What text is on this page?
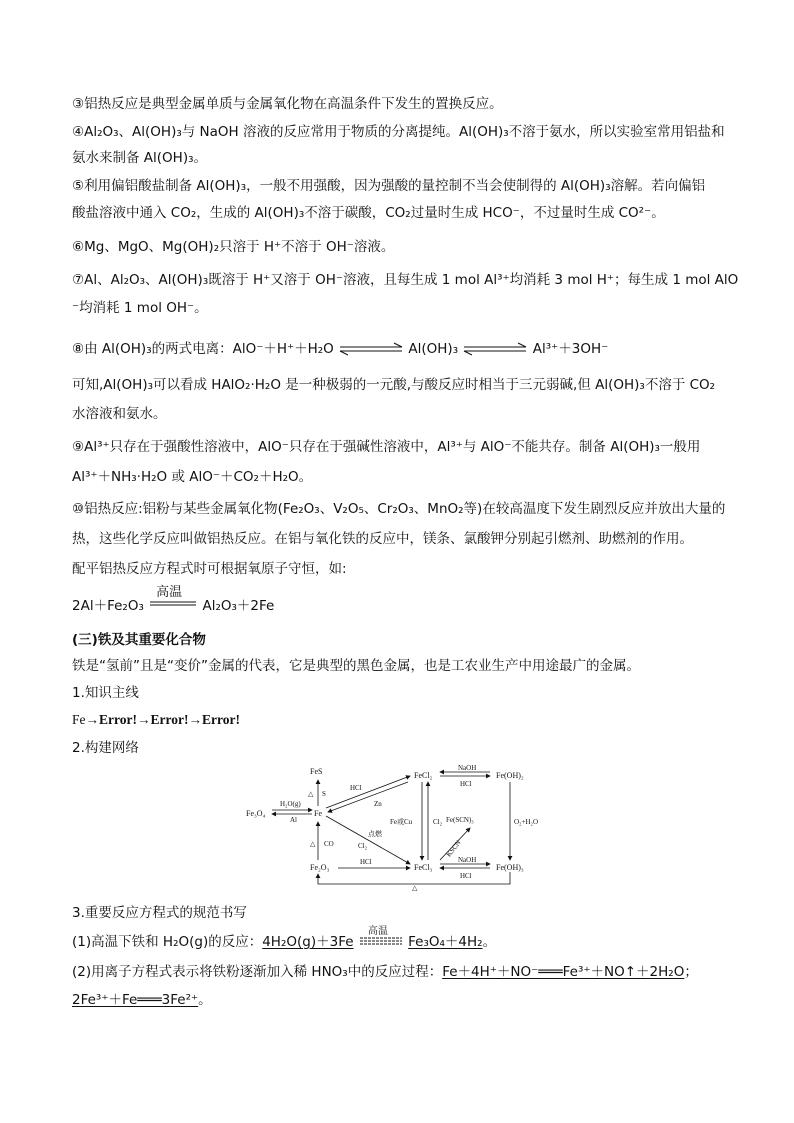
③铝热反应是典型金属单质与金属氧化物在高温条件下发生的置换反应。
④Al₂O₃、Al(OH)₃与 NaOH 溶液的反应常用于物质的分离提纯。Al(OH)₃不溶于氨水，所以实验室常用铝盐和
氨水来制备 Al(OH)₃。
⑤利用偏铝酸盐制备 Al(OH)₃，一般不用强酸，因为强酸的量控制不当会使制得的 Al(OH)₃溶解。若向偏铝
酸盐溶液中通入 CO₂，生成的 Al(OH)₃不溶于碳酸，CO₂过量时生成 HCO⁻，不过量时生成 CO²⁻。
⑥Mg、MgO、Mg(OH)₂只溶于 H⁺不溶于 OH⁻溶液。
⑦Al、Al₂O₃、Al(OH)₃既溶于 H⁺又溶于 OH⁻溶液，且每生成 1 mol Al³⁺均消耗 3 mol H⁺；每生成 1 mol AlO
⁻均消耗 1 mol OH⁻。
⑧由 Al(OH)₃的两式电离：AlO⁻＋H⁺＋H₂O	Al(OH)₃	Al³⁺＋3OH⁻
可知,Al(OH)₃可以看成 HAlO₂·H₂O 是一种极弱的一元酸,与酸反应时相当于三元弱碱,但 Al(OH)₃不溶于 CO₂
水溶液和氨水。
⑨Al³⁺只存在于强酸性溶液中，AlO⁻只存在于强碱性溶液中，Al³⁺与 AlO⁻不能共存。制备 Al(OH)₃一般用
Al³⁺＋NH₃·H₂O 或 AlO⁻＋CO₂＋H₂O。
⑩铝热反应:铝粉与某些金属氧化物(Fe₂O₃、V₂O₅、Cr₂O₃、MnO₂等)在较高温度下发生剧烈反应并放出大量的
热，这些化学反应叫做铝热反应。在铝与氧化铁的反应中，镁条、氯酸钾分别起引燃剂、助燃剂的作用。
配平铝热反应方程式时可根据氧原子守恒，如:
2Al＋Fe₂O₃
高温
Al₂O₃＋2Fe
(三)铁及其重要化合物
铁是“氢前”且是“变价”金属的代表，它是典型的黑色金属，也是工农业生产中用途最广的金属。
1.知识主线
Fe→Error!→Error!→Error!
2.构建网络
FeS
Fe₃O₄	Fe
Fe₂O₃
FeCl₂
FeCl₃
Fe(OH)₂
Fe(OH)₃
H₂O(g)
Al
S
△
HCl
Zn
NaOH
HCl
Fe或Cu	Cl₂ Fe(SCN)₃	O₂+H₂O
点燃
Cl₂	KSCN
CO
△
HCl	NaOH
HCl
△
3.重要反应方程式的规范书写
(1)高温下铁和 H₂O(g)的反应：4H₂O(g)＋3Fe
高温
Fe₃O₄＋4H₂。
(2)用离子方程式表示将铁粉逐渐加入稀 HNO₃中的反应过程：Fe＋4H⁺＋NO⁻═══Fe³⁺＋NO↑＋2H₂O；
2Fe³⁺＋Fe═══3Fe²⁺。
